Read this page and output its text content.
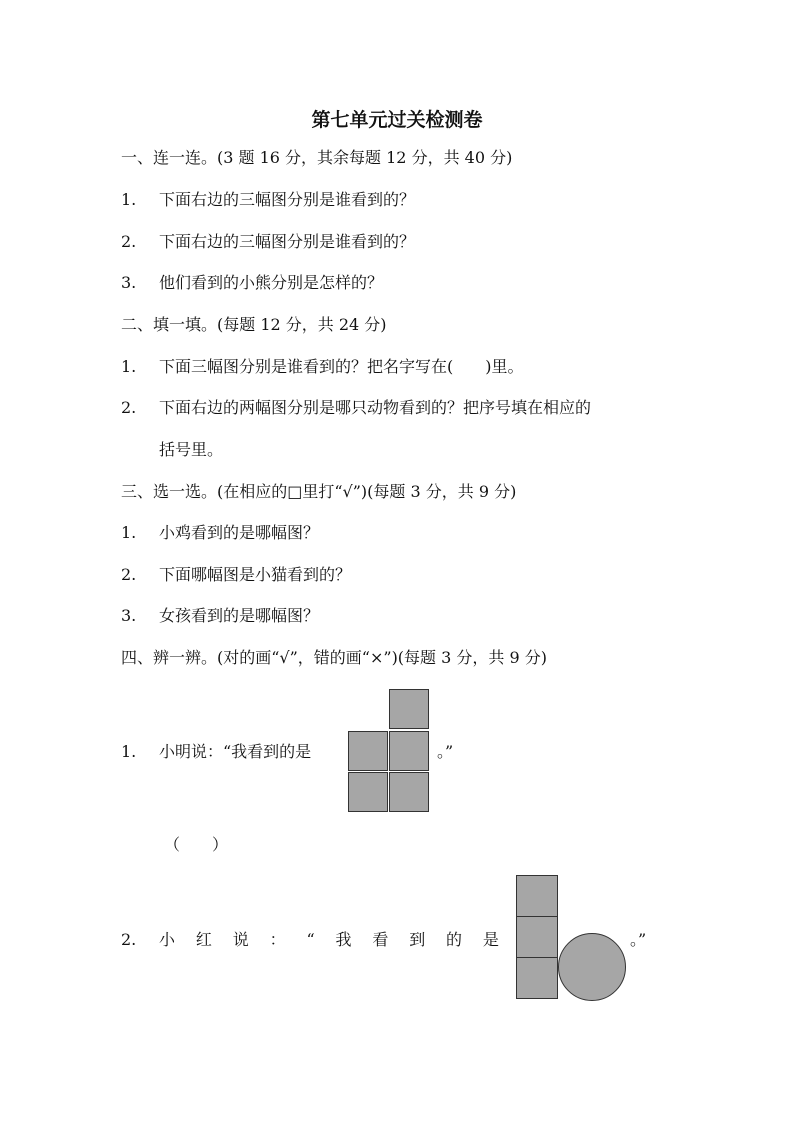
第七单元过关检测卷
一、连一连。(3 题 16 分，其余每题 12 分，共 40 分)
1. 下面右边的三幅图分别是谁看到的？
2. 下面右边的三幅图分别是谁看到的？
3. 他们看到的小熊分别是怎样的？
二、填一填。(每题 12 分，共 24 分)
1. 下面三幅图分别是谁看到的？把名字写在(　　)里。
2. 下面右边的两幅图分别是哪只动物看到的？把序号填在相应的
括号里。
三、选一选。(在相应的□里打“√”)(每题 3 分，共 9 分)
1. 小鸡看到的是哪幅图？
2. 下面哪幅图是小猫看到的？
3. 女孩看到的是哪幅图？
四、辨一辨。(对的画“√”，错的画“×”)(每题 3 分，共 9 分)
1. 小明说：“我看到的是	。”
（　　）
2. 小 红 说 ： “ 我 看 到 的 是	。”
